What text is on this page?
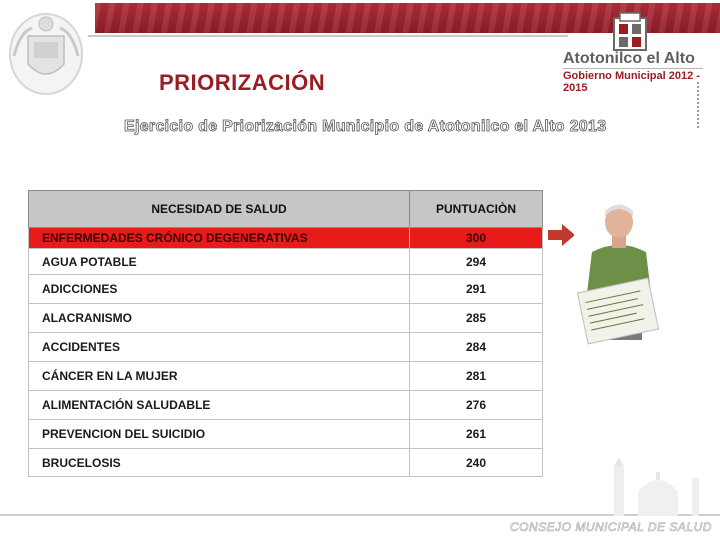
PRIORIZACIÓN
Ejercicio de Priorización Municipio de Atotonilco el Alto 2013
Atotonilco el Alto
Gobierno Municipal 2012 - 2015
NECESIDAD DE SALUD	PUNTUACIÒN
ENFERMEDADES CRÓNICO DEGENERATIVAS	300
AGUA POTABLE	294
ADICCIONES	291
ALACRANISMO	285
ACCIDENTES	284
CÁNCER EN LA MUJER	281
ALIMENTACIÓN SALUDABLE	276
PREVENCION DEL SUICIDIO	261
BRUCELOSIS	240
CONSEJO MUNICIPAL DE SALUD
